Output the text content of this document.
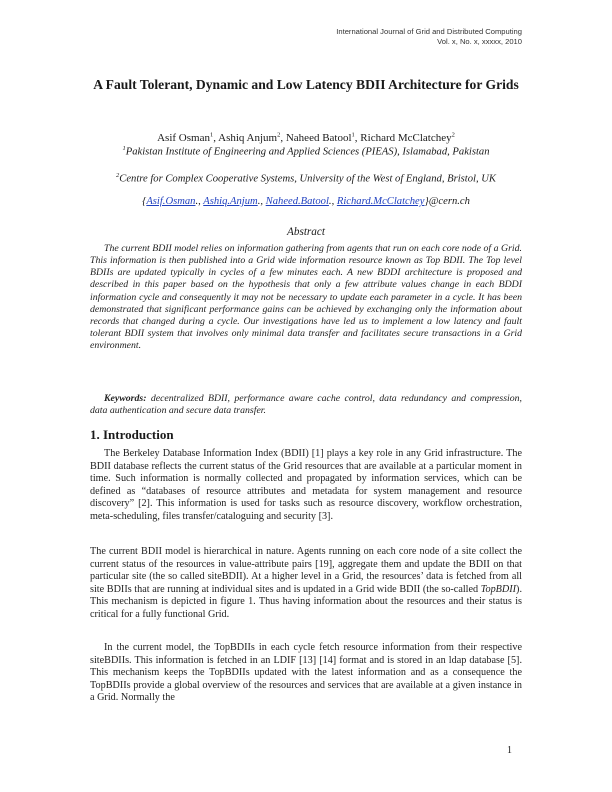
International Journal of Grid and Distributed Computing
Vol. x, No. x, xxxxx, 2010
A Fault Tolerant, Dynamic and Low Latency BDII Architecture for Grids
Asif Osman$^1$, Ashiq Anjum$^2$, Naheed Batool$^1$, Richard McClatchey$^2$
$^1$Pakistan Institute of Engineering and Applied Sciences (PIEAS), Islamabad, Pakistan
$^2$Centre for Complex Cooperative Systems, University of the West of England, Bristol, UK
{Asif.Osman., Ashiq.Anjum., Naheed.Batool., Richard.McClatchey}@cern.ch
Abstract

The current BDII model relies on information gathering from agents that run on each core node of a Grid. This information is then published into a Grid wide information resource known as Top BDII. The Top level BDIIs are updated typically in cycles of a few minutes each. A new BDDI architecture is proposed and described in this paper based on the hypothesis that only a few attribute values change in each BDDI information cycle and consequently it may not be necessary to update each parameter in a cycle. It has been demonstrated that significant performance gains can be achieved by exchanging only the information about records that changed during a cycle. Our investigations have led us to implement a low latency and fault tolerant BDII system that involves only minimal data transfer and facilitates secure transactions in a Grid environment.

Keywords: decentralized BDII, performance aware cache control, data redundancy and compression, data authentication and secure data transfer.

1. Introduction

The Berkeley Database Information Index (BDII) [1] plays a key role in any Grid infrastructure. The BDII database reflects the current status of the Grid resources that are available at a particular moment in time. Such information is normally collected and propagated by information services, which can be defined as “databases of resource attributes and metadata for system management and resource discovery” [2]. This information is used for tasks such as resource discovery, workflow orchestration, meta-scheduling, files transfer/cataloguing and security [3].

The current BDII model is hierarchical in nature. Agents running on each core node of a site collect the current status of the resources in value-attribute pairs [19], aggregate them and update the BDII on that particular site (the so called siteBDII). At a higher level in a Grid, the resources’ data is fetched from all site BDIIs that are running at individual sites and is updated in a Grid wide BDII (the so-called TopBDII). This mechanism is depicted in figure 1. Thus having information about the resources and their status is critical for a fully functional Grid.

In the current model, the TopBDIIs in each cycle fetch resource information from their respective siteBDIIs. This information is fetched in an LDIF [13] [14] format and is stored in an ldap database [5]. This mechanism keeps the TopBDIIs updated with the latest information and as a consequence the TopBDIIs provide a global overview of the resources and services that are available at a given instance in a Grid. Normally the

1
